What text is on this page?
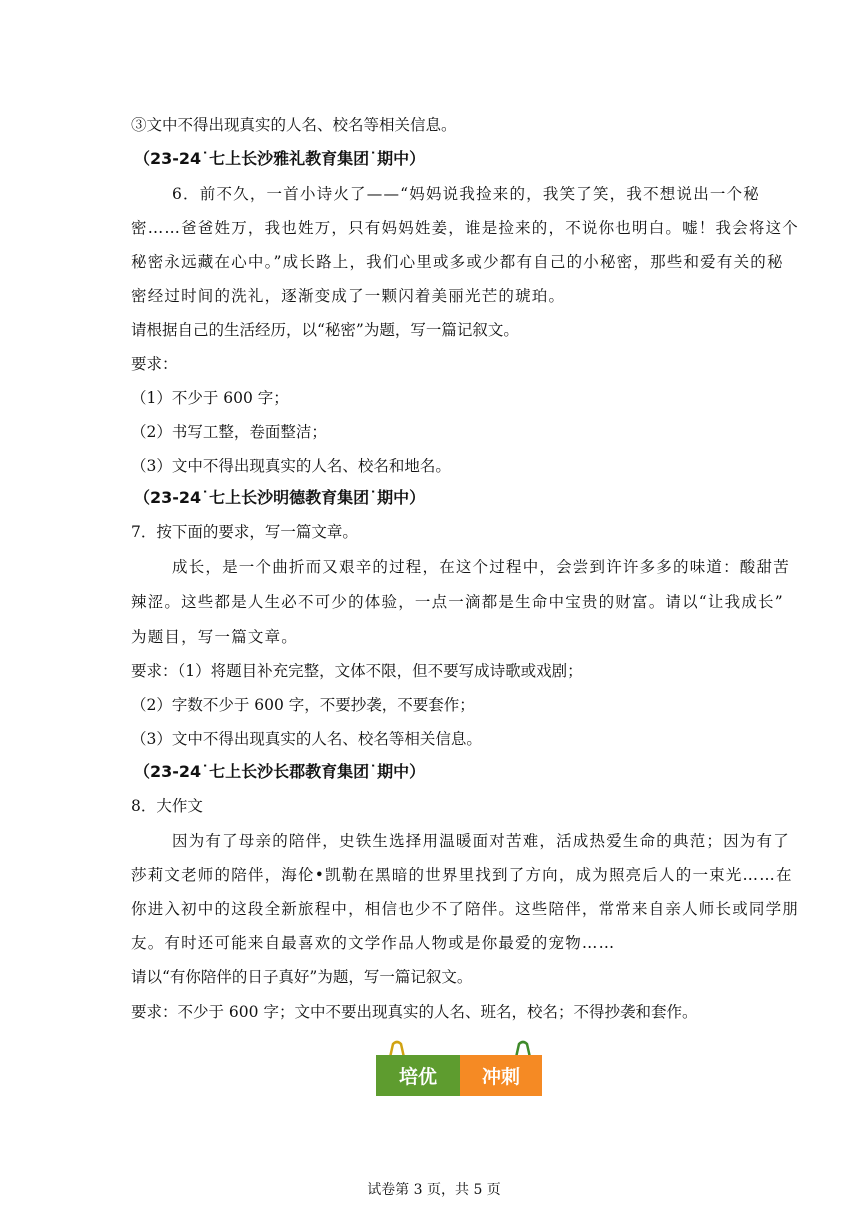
③文中不得出现真实的人名、校名等相关信息。
（23-24˙七上长沙雅礼教育集团˙期中）
6．前不久，一首小诗火了——“妈妈说我捡来的，我笑了笑，我不想说出一个秘
密……爸爸姓万，我也姓万，只有妈妈姓姜，谁是捡来的，不说你也明白。嘘！我会将这个
秘密永远藏在心中。”成长路上，我们心里或多或少都有自己的小秘密，那些和爱有关的秘
密经过时间的洗礼，逐渐变成了一颗闪着美丽光芒的琥珀。
请根据自己的生活经历，以“秘密”为题，写一篇记叙文。
要求：
（1）不少于 600 字；
（2）书写工整，卷面整洁；
（3）文中不得出现真实的人名、校名和地名。
（23-24˙七上长沙明德教育集团˙期中）
7．按下面的要求，写一篇文章。
成长，是一个曲折而又艰辛的过程，在这个过程中，会尝到许许多多的味道：酸甜苦
辣涩。这些都是人生必不可少的体验，一点一滴都是生命中宝贵的财富。请以“让我成长”
为题目，写一篇文章。
要求：（1）将题目补充完整，文体不限，但不要写成诗歌或戏剧；
（2）字数不少于 600 字，不要抄袭，不要套作；
（3）文中不得出现真实的人名、校名等相关信息。
（23-24˙七上长沙长郡教育集团˙期中）
8．大作文
因为有了母亲的陪伴，史铁生选择用温暖面对苦难，活成热爱生命的典范；因为有了
莎莉文老师的陪伴，海伦•凯勒在黑暗的世界里找到了方向，成为照亮后人的一束光……在
你进入初中的这段全新旅程中，相信也少不了陪伴。这些陪伴，常常来自亲人师长或同学朋
友。有时还可能来自最喜欢的文学作品人物或是你最爱的宠物……
请以“有你陪伴的日子真好”为题，写一篇记叙文。
要求：不少于 600 字；文中不要出现真实的人名、班名，校名；不得抄袭和套作。
培优	冲刺
试卷第 3 页，共 5 页
